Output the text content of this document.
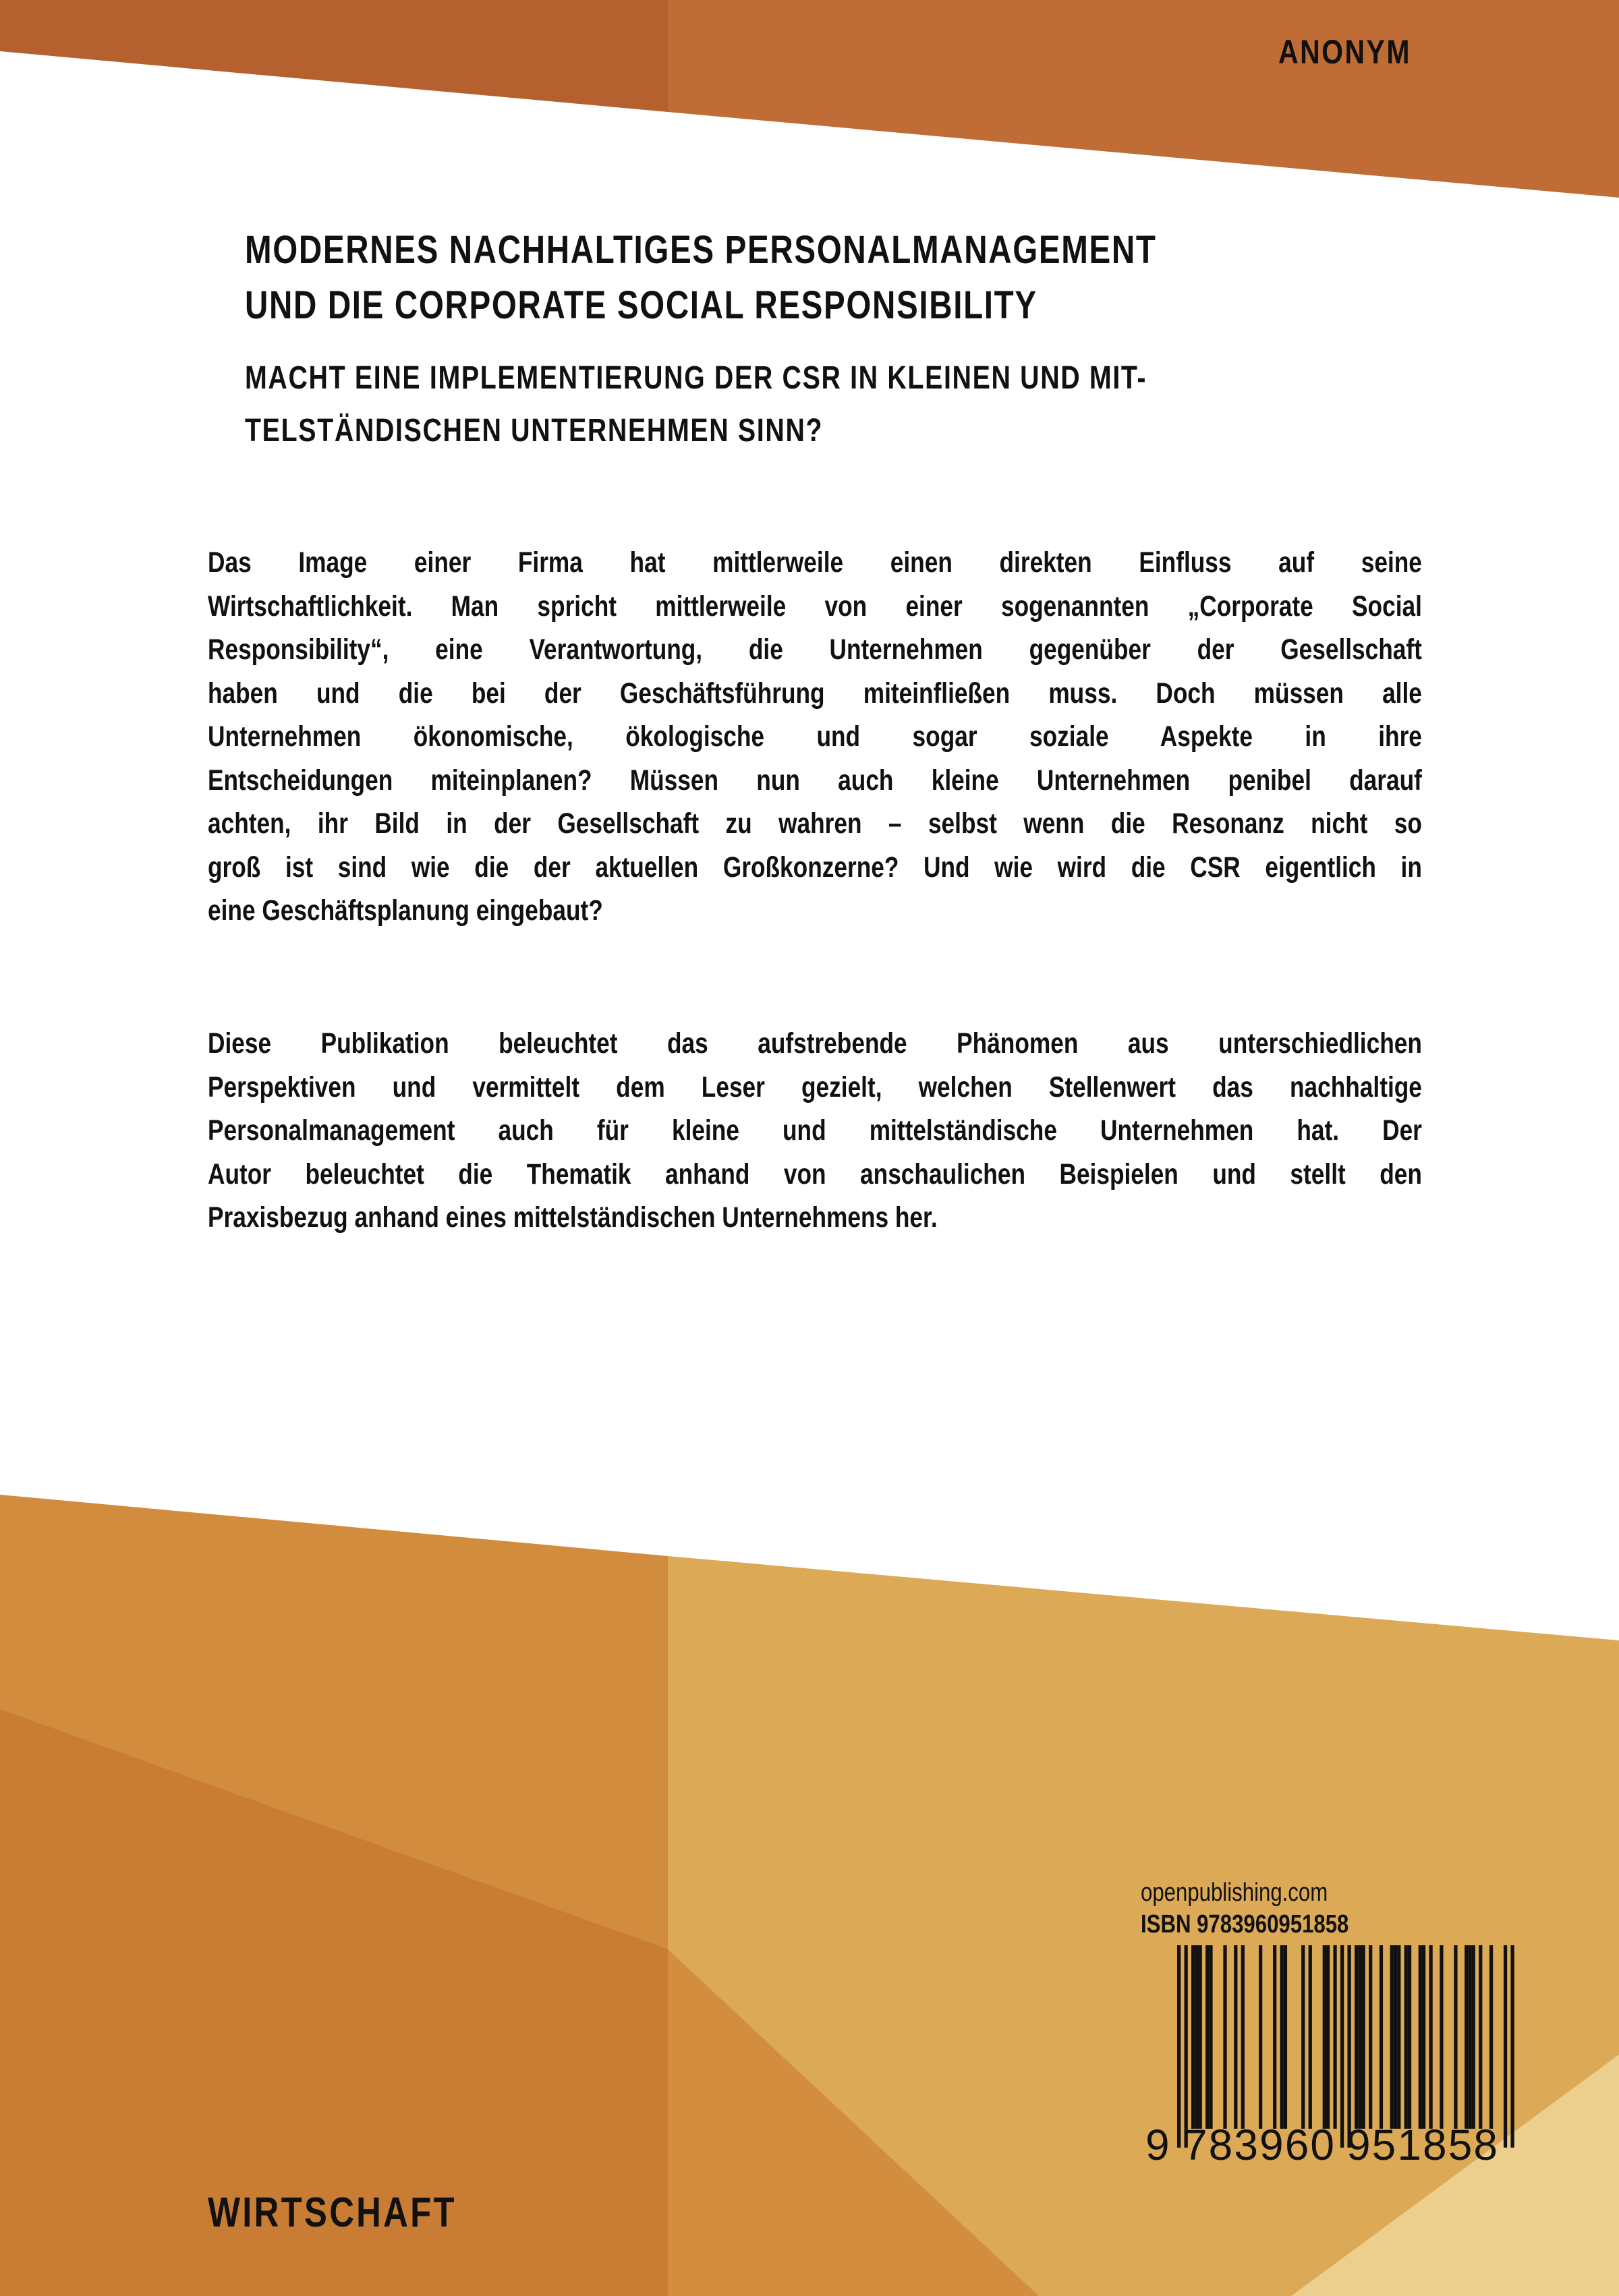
ANONYM
MODERNES NACHHALTIGES PERSONALMANAGEMENT
UND DIE CORPORATE SOCIAL RESPONSIBILITY
MACHT EINE IMPLEMENTIERUNG DER CSR IN KLEINEN UND MIT-
TELSTÄNDISCHEN UNTERNEHMEN SINN?
Das Image einer Firma hat mittlerweile einen direkten Einfluss auf seine
Wirtschaftlichkeit. Man spricht mittlerweile von einer sogenannten „Corporate Social
Responsibility“, eine Verantwortung, die Unternehmen gegenüber der Gesellschaft
haben und die bei der Geschäftsführung miteinfließen muss. Doch müssen alle
Unternehmen ökonomische, ökologische und sogar soziale Aspekte in ihre
Entscheidungen miteinplanen? Müssen nun auch kleine Unternehmen penibel darauf
achten, ihr Bild in der Gesellschaft zu wahren – selbst wenn die Resonanz nicht so
groß ist sind wie die der aktuellen Großkonzerne? Und wie wird die CSR eigentlich in
eine Geschäftsplanung eingebaut?
Diese Publikation beleuchtet das aufstrebende Phänomen aus unterschiedlichen
Perspektiven und vermittelt dem Leser gezielt, welchen Stellenwert das nachhaltige
Personalmanagement auch für kleine und mittelständische Unternehmen hat. Der
Autor beleuchtet die Thematik anhand von anschaulichen Beispielen und stellt den
Praxisbezug anhand eines mittelständischen Unternehmens her.
WIRTSCHAFT
openpublishing.com
ISBN 9783960951858
9 783960 951858
